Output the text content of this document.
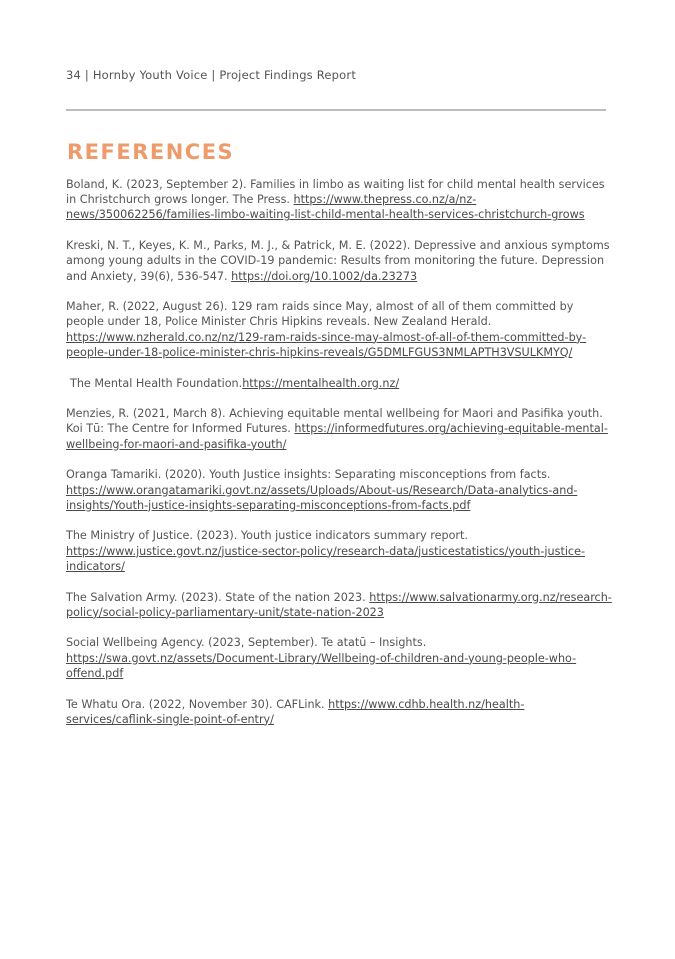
34 | Hornby Youth Voice | Project Findings Report
REFERENCES

Boland, K. (2023, September 2). Families in limbo as waiting list for child mental health services in Christchurch grows longer. The Press. https://www.thepress.co.nz/a/nz-news/350062256/families-limbo-waiting-list-child-mental-health-services-christchurch-grows

Kreski, N. T., Keyes, K. M., Parks, M. J., & Patrick, M. E. (2022). Depressive and anxious symptoms among young adults in the COVID-19 pandemic: Results from monitoring the future. Depression and Anxiety, 39(6), 536-547. https://doi.org/10.1002/da.23273

Maher, R. (2022, August 26). 129 ram raids since May, almost of all of them committed by people under 18, Police Minister Chris Hipkins reveals. New Zealand Herald. https://www.nzherald.co.nz/nz/129-ram-raids-since-may-almost-of-all-of-them-committed-by-people-under-18-police-minister-chris-hipkins-reveals/G5DMLFGUS3NMLAPTH3VSULKMYQ/

The Mental Health Foundation.https://mentalhealth.org.nz/

Menzies, R. (2021, March 8). Achieving equitable mental wellbeing for Maori and Pasifika youth. Koi Tū: The Centre for Informed Futures. https://informedfutures.org/achieving-equitable-mental-wellbeing-for-maori-and-pasifika-youth/

Oranga Tamariki. (2020). Youth Justice insights: Separating misconceptions from facts. https://www.orangatamariki.govt.nz/assets/Uploads/About-us/Research/Data-analytics-and-insights/Youth-justice-insights-separating-misconceptions-from-facts.pdf

The Ministry of Justice. (2023). Youth justice indicators summary report. https://www.justice.govt.nz/justice-sector-policy/research-data/justicestatistics/youth-justice-indicators/

The Salvation Army. (2023). State of the nation 2023. https://www.salvationarmy.org.nz/research-policy/social-policy-parliamentary-unit/state-nation-2023

Social Wellbeing Agency. (2023, September). Te atatū – Insights. https://swa.govt.nz/assets/Document-Library/Wellbeing-of-children-and-young-people-who-offend.pdf

Te Whatu Ora. (2022, November 30). CAFLink. https://www.cdhb.health.nz/health-services/caflink-single-point-of-entry/
